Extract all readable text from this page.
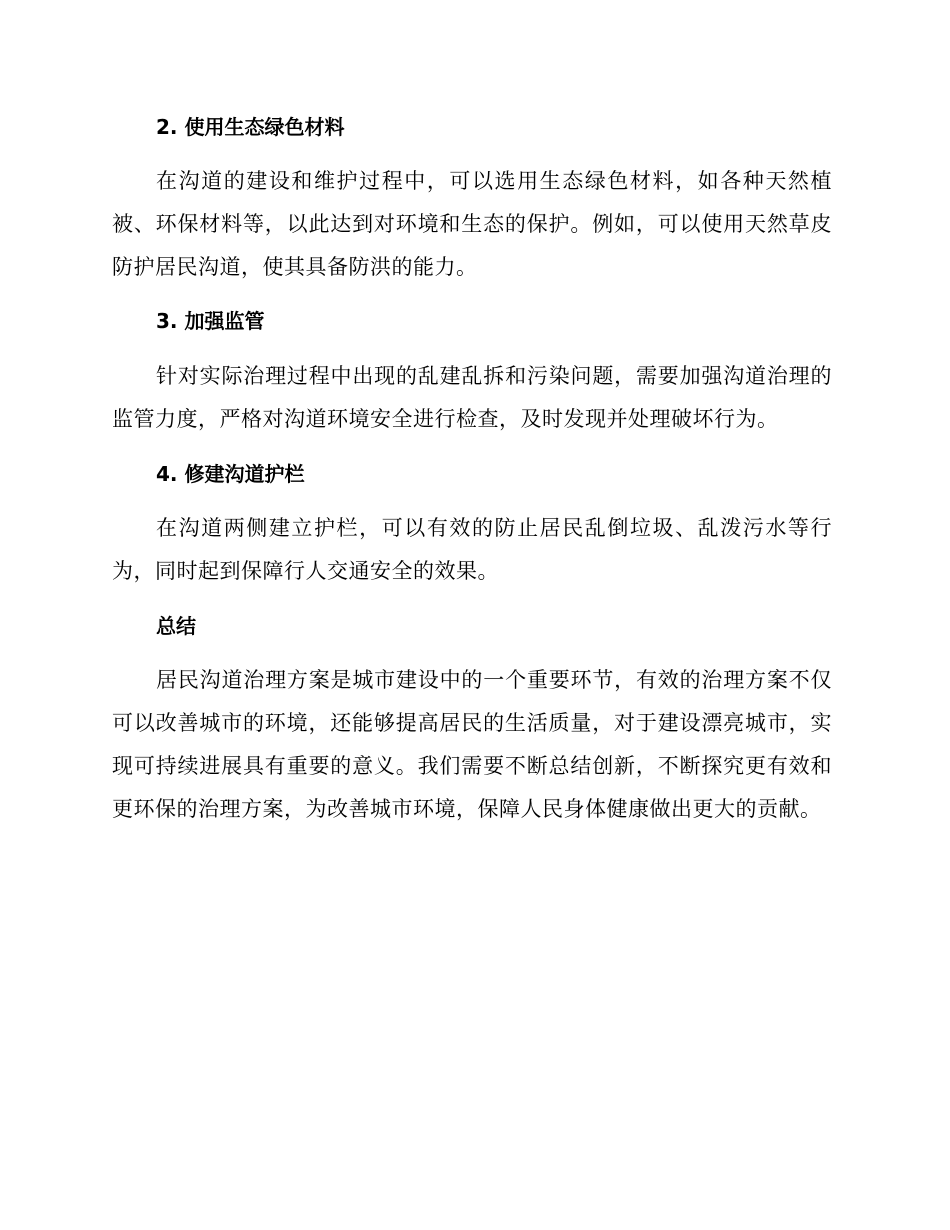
2. 使用生态绿色材料

在沟道的建设和维护过程中，可以选用生态绿色材料，如各种天然植被、环保材料等，以此达到对环境和生态的保护。例如，可以使用天然草皮防护居民沟道，使其具备防洪的能力。

3. 加强监管

针对实际治理过程中出现的乱建乱拆和污染问题，需要加强沟道治理的监管力度，严格对沟道环境安全进行检查，及时发现并处理破坏行为。

4. 修建沟道护栏

在沟道两侧建立护栏，可以有效的防止居民乱倒垃圾、乱泼污水等行为，同时起到保障行人交通安全的效果。

总结

居民沟道治理方案是城市建设中的一个重要环节，有效的治理方案不仅可以改善城市的环境，还能够提高居民的生活质量，对于建设漂亮城市，实现可持续进展具有重要的意义。我们需要不断总结创新，不断探究更有效和更环保的治理方案，为改善城市环境，保障人民身体健康做出更大的贡献。
